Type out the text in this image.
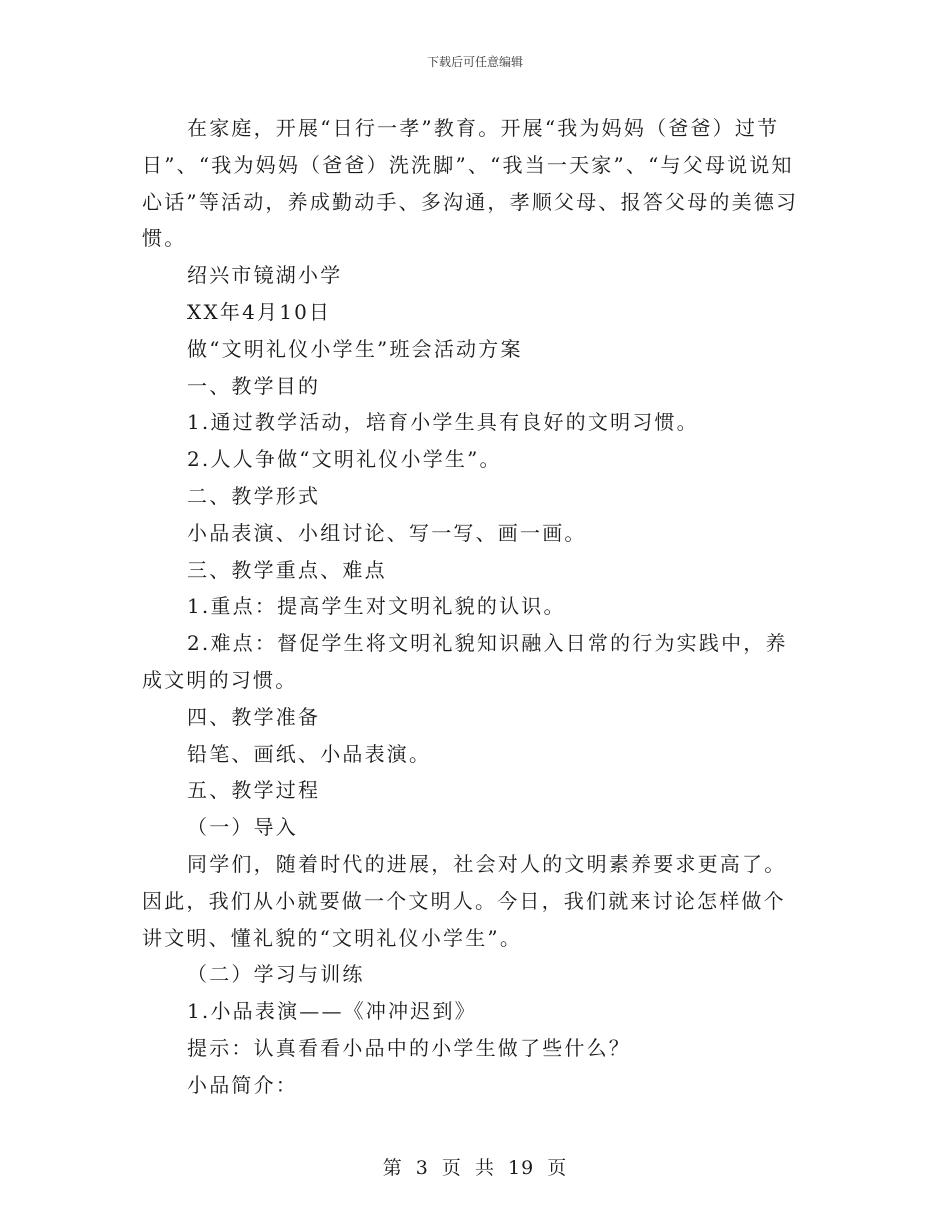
下载后可任意编辑

在家庭，开展“日行一孝”教育。开展“我为妈妈（爸爸）过节日”、“我为妈妈（爸爸）洗洗脚”、“我当一天家”、“与父母说说知心话”等活动，养成勤动手、多沟通，孝顺父母、报答父母的美德习惯。

绍兴市镜湖小学

XX年4月10日

做“文明礼仪小学生”班会活动方案

一、教学目的

1.通过教学活动，培育小学生具有良好的文明习惯。

2.人人争做“文明礼仪小学生”。

二、教学形式

小品表演、小组讨论、写一写、画一画。

三、教学重点、难点

1.重点：提高学生对文明礼貌的认识。

2.难点：督促学生将文明礼貌知识融入日常的行为实践中，养成文明的习惯。

四、教学准备

铅笔、画纸、小品表演。

五、教学过程

（一）导入

同学们，随着时代的进展，社会对人的文明素养要求更高了。因此，我们从小就要做一个文明人。今日，我们就来讨论怎样做个讲文明、懂礼貌的“文明礼仪小学生”。

（二）学习与训练

1.小品表演——《冲冲迟到》

提示：认真看看小品中的小学生做了些什么？

小品简介：

第 3 页 共 19 页
